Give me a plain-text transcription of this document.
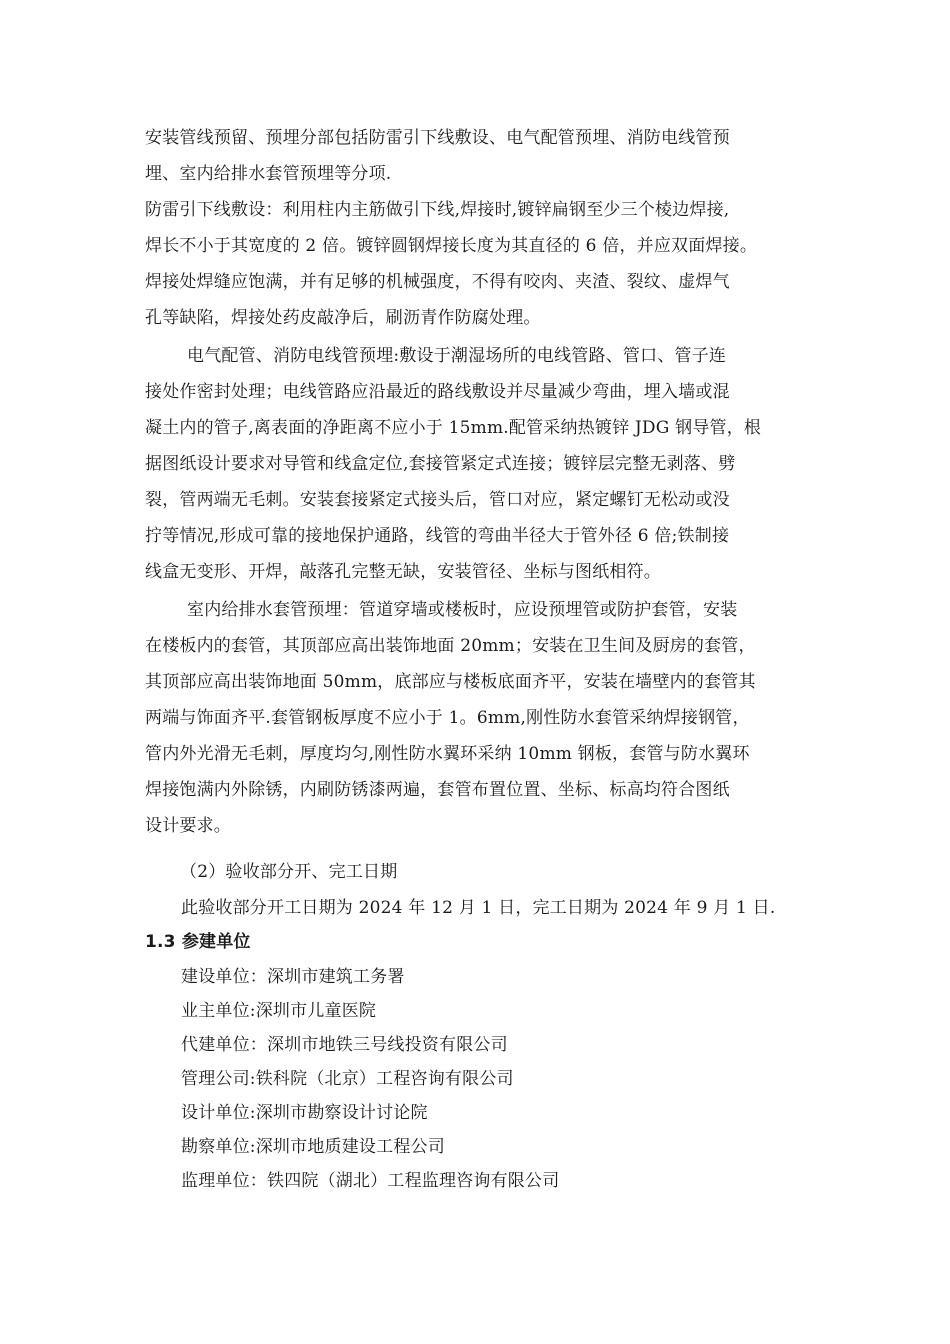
安装管线预留、预埋分部包括防雷引下线敷设、电气配管预埋、消防电线管预
埋、室内给排水套管预埋等分项.
防雷引下线敷设：利用柱内主筋做引下线,焊接时,镀锌扁钢至少三个棱边焊接,
焊长不小于其宽度的 2 倍。镀锌圆钢焊接长度为其直径的 6 倍，并应双面焊接。
焊接处焊缝应饱满，并有足够的机械强度，不得有咬肉、夹渣、裂纹、虚焊气
孔等缺陷，焊接处药皮敲净后，刷沥青作防腐处理。
电气配管、消防电线管预埋:敷设于潮湿场所的电线管路、管口、管子连
接处作密封处理；电线管路应沿最近的路线敷设并尽量减少弯曲，埋入墙或混
凝土内的管子,离表面的净距离不应小于 15mm.配管采纳热镀锌 JDG 钢导管，根
据图纸设计要求对导管和线盒定位,套接管紧定式连接；镀锌层完整无剥落、劈
裂，管两端无毛刺。安装套接紧定式接头后，管口对应，紧定螺钉无松动或没
拧等情况,形成可靠的接地保护通路，线管的弯曲半径大于管外径 6 倍;铁制接
线盒无变形、开焊，敲落孔完整无缺，安装管径、坐标与图纸相符。
室内给排水套管预埋：管道穿墙或楼板时，应设预埋管或防护套管，安装
在楼板内的套管，其顶部应高出装饰地面 20mm；安装在卫生间及厨房的套管，
其顶部应高出装饰地面 50mm，底部应与楼板底面齐平，安装在墙壁内的套管其
两端与饰面齐平.套管钢板厚度不应小于 1。6mm,刚性防水套管采纳焊接钢管，
管内外光滑无毛刺，厚度均匀,刚性防水翼环采纳 10mm 钢板，套管与防水翼环
焊接饱满内外除锈，内刷防锈漆两遍，套管布置位置、坐标、标高均符合图纸
设计要求。
（2）验收部分开、完工日期
此验收部分开工日期为 2024 年 12 月 1 日，完工日期为 2024 年 9 月 1 日.
1.3 参建单位
建设单位：深圳市建筑工务署
业主单位:深圳市儿童医院
代建单位：深圳市地铁三号线投资有限公司
管理公司:铁科院（北京）工程咨询有限公司
设计单位:深圳市勘察设计讨论院
勘察单位:深圳市地质建设工程公司
监理单位：铁四院（湖北）工程监理咨询有限公司
